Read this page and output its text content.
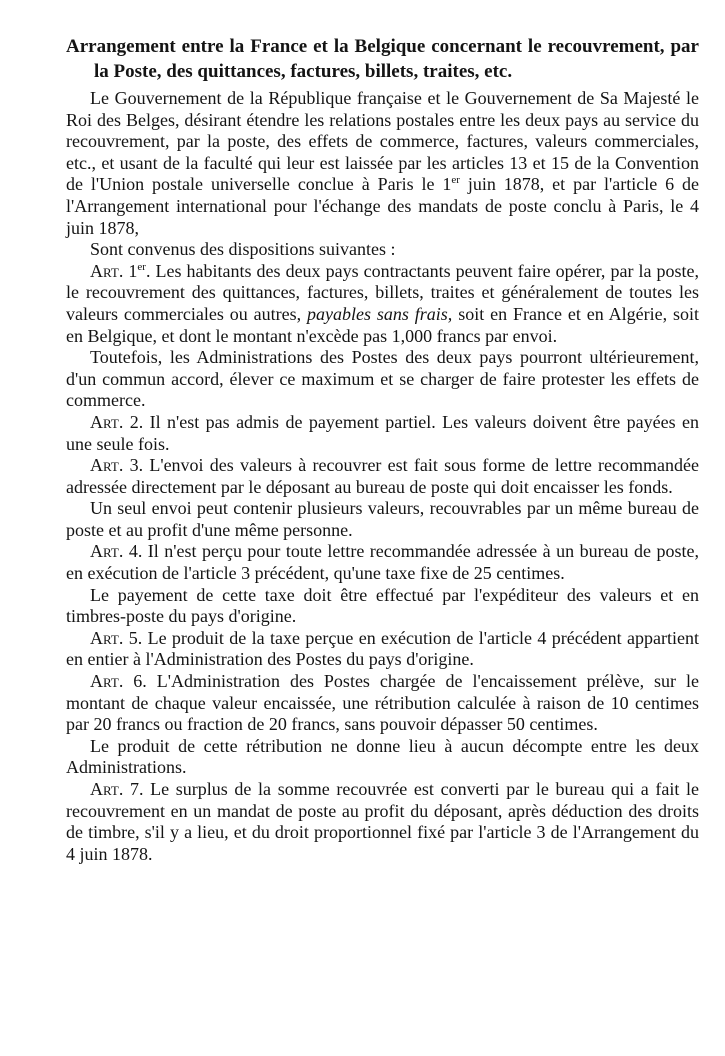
Arrangement entre la France et la Belgique concernant le recouvrement, par la Poste, des quittances, factures, billets, traites, etc.

Le Gouvernement de la République française et le Gouvernement de Sa Majesté le Roi des Belges, désirant étendre les relations postales entre les deux pays au service du recouvrement, par la poste, des effets de commerce, factures, valeurs commerciales, etc., et usant de la faculté qui leur est laissée par les articles 13 et 15 de la Convention de l'Union postale universelle conclue à Paris le 1er juin 1878, et par l'article 6 de l'Arrangement international pour l'échange des mandats de poste conclu à Paris, le 4 juin 1878,

Sont convenus des dispositions suivantes :

Art. 1er. Les habitants des deux pays contractants peuvent faire opérer, par la poste, le recouvrement des quittances, factures, billets, traites et généralement de toutes les valeurs commerciales ou autres, payables sans frais, soit en France et en Algérie, soit en Belgique, et dont le montant n'excède pas 1,000 francs par envoi.

Toutefois, les Administrations des Postes des deux pays pourront ultérieurement, d'un commun accord, élever ce maximum et se charger de faire protester les effets de commerce.

Art. 2. Il n'est pas admis de payement partiel. Les valeurs doivent être payées en une seule fois.

Art. 3. L'envoi des valeurs à recouvrer est fait sous forme de lettre recommandée adressée directement par le déposant au bureau de poste qui doit encaisser les fonds.

Un seul envoi peut contenir plusieurs valeurs, recouvrables par un même bureau de poste et au profit d'une même personne.

Art. 4. Il n'est perçu pour toute lettre recommandée adressée à un bureau de poste, en exécution de l'article 3 précédent, qu'une taxe fixe de 25 centimes.

Le payement de cette taxe doit être effectué par l'expéditeur des valeurs et en timbres-poste du pays d'origine.

Art. 5. Le produit de la taxe perçue en exécution de l'article 4 précédent appartient en entier à l'Administration des Postes du pays d'origine.

Art. 6. L'Administration des Postes chargée de l'encaissement prélève, sur le montant de chaque valeur encaissée, une rétribution calculée à raison de 10 centimes par 20 francs ou fraction de 20 francs, sans pouvoir dépasser 50 centimes.

Le produit de cette rétribution ne donne lieu à aucun décompte entre les deux Administrations.

Art. 7. Le surplus de la somme recouvrée est converti par le bureau qui a fait le recouvrement en un mandat de poste au profit du déposant, après déduction des droits de timbre, s'il y a lieu, et du droit proportionnel fixé par l'article 3 de l'Arrangement du 4 juin 1878.
